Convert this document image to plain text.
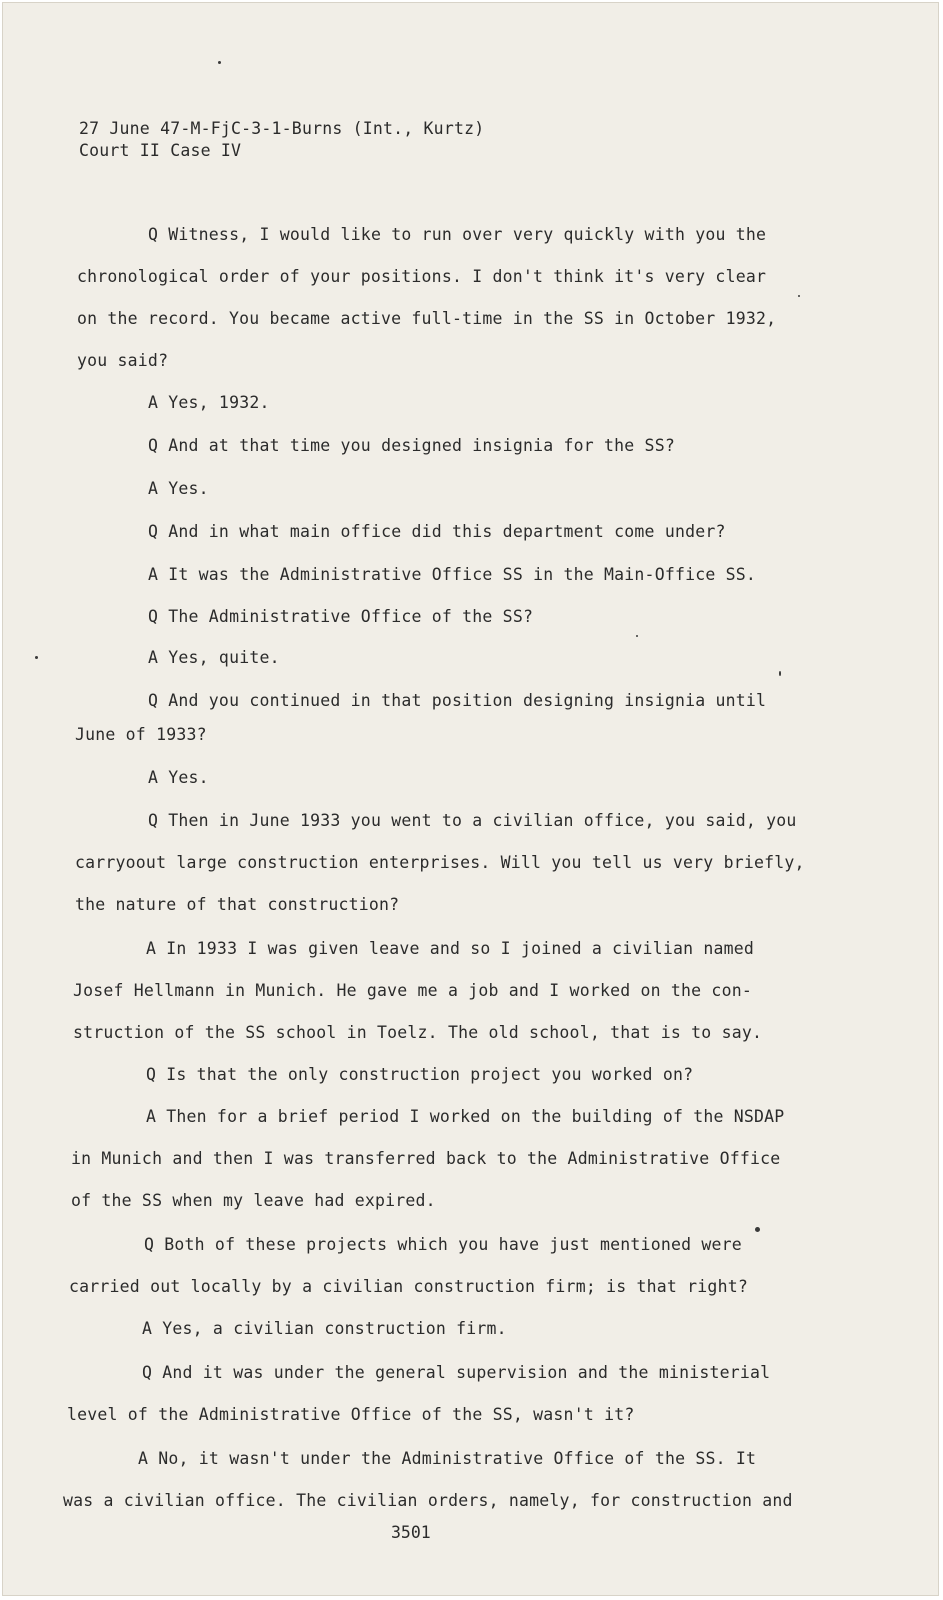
27 June 47-M-FjC-3-1-Burns (Int., Kurtz)
Court II Case IV
Q Witness, I would like to run over very quickly with you the
chronological order of your positions. I don't think it's very clear
on the record. You became active full-time in the SS in October 1932,
you said?
A Yes, 1932.
Q And at that time you designed insignia for the SS?
A Yes.
Q And in what main office did this department come under?
A It was the Administrative Office SS in the Main-Office SS.
Q The Administrative Office of the SS?
A Yes, quite.
Q And you continued in that position designing insignia until
June of 1933?
A Yes.
Q Then in June 1933 you went to a civilian office, you said, you
carryoout large construction enterprises. Will you tell us very briefly,
the nature of that construction?
A In 1933 I was given leave and so I joined a civilian named
Josef Hellmann in Munich. He gave me a job and I worked on the con-
struction of the SS school in Toelz. The old school, that is to say.
Q Is that the only construction project you worked on?
A Then for a brief period I worked on the building of the NSDAP
in Munich and then I was transferred back to the Administrative Office
of the SS when my leave had expired.
Q Both of these projects which you have just mentioned were
carried out locally by a civilian construction firm; is that right?
A Yes, a civilian construction firm.
Q And it was under the general supervision and the ministerial
level of the Administrative Office of the SS, wasn't it?
A No, it wasn't under the Administrative Office of the SS. It
was a civilian office. The civilian orders, namely, for construction and
3501
